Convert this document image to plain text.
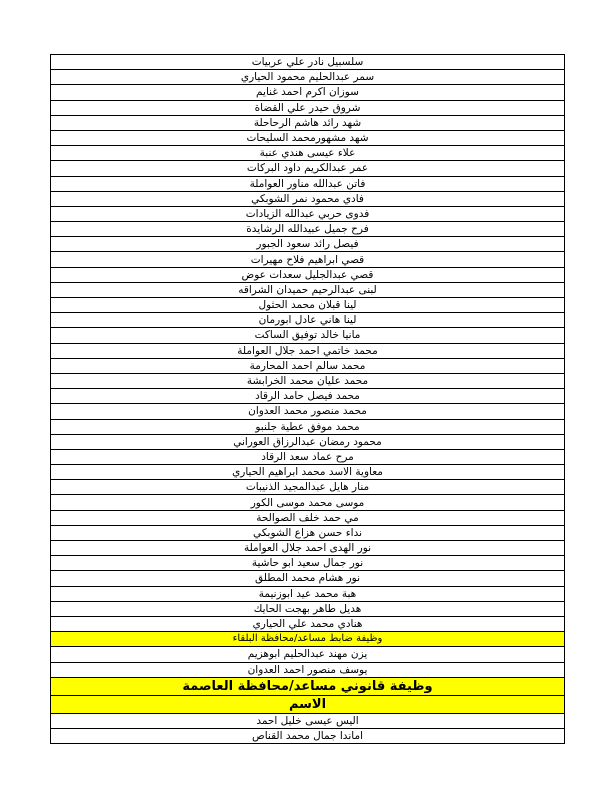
سلسبيل نادر علي عربيات
سمر عبدالحليم محمود الحياري
سوزان اكرم احمد غنايم
شروق حيدر علي القضاة
شهد رائد هاشم الرحاحلة
شهد مشهورمحمد السليحات
علاء عيسى هندي عنبة
عمر عبدالكريم داود البركات
فاتن عبدالله مناور العواملة
فادي محمود نمر الشوبكي
فدوى حربي عبدالله الزيادات
فرح جميل عبيدالله الرشايدة
فيصل رائد سعود الجبور
قصي ابراهيم فلاح مهيرات
قصي عبدالجليل سعدات عوض
لبنى عبدالرحيم حميدان الشراقه
لينا قبلان محمد الحثول
لينا هاني عادل ابورمان
مانيا خالد توفيق الساكت
محمد خاتمي احمد جلال العواملة
محمد سالم احمد المحارمة
محمد عليان محمد الخرابشة
محمد فيصل حامد الرقاد
محمد منصور محمد العدوان
محمد موفق عطية جلنبو
محمود رمضان عبدالرزاق العوراني
مرح عماد سعد الرقاد
معاوية الاسد محمد ابراهيم الحياري
منار هايل عبدالمجيد الذنيبات
موسى محمد موسى الكور
مي حمد خلف الصوالحة
نداء حسن هزاع الشوبكي
نور الهدى احمد جلال العواملة
نور جمال سعيد ابو حاشية
نور هشام محمد المطلق
هبة محمد عيد ابوزنيمة
هديل طاهر بهجت الحايك
هنادي محمد علي الحياري
وظيفة ضابط مساعد/محافظة البلقاء
يزن مهند عبدالحليم ابوهزيم
يوسف منصور احمد العدوان
وظيفة قانوني مساعد/محافظة العاصمة
الاسم
اليس عيسى خليل احمد
اماندا جمال محمد القناص
